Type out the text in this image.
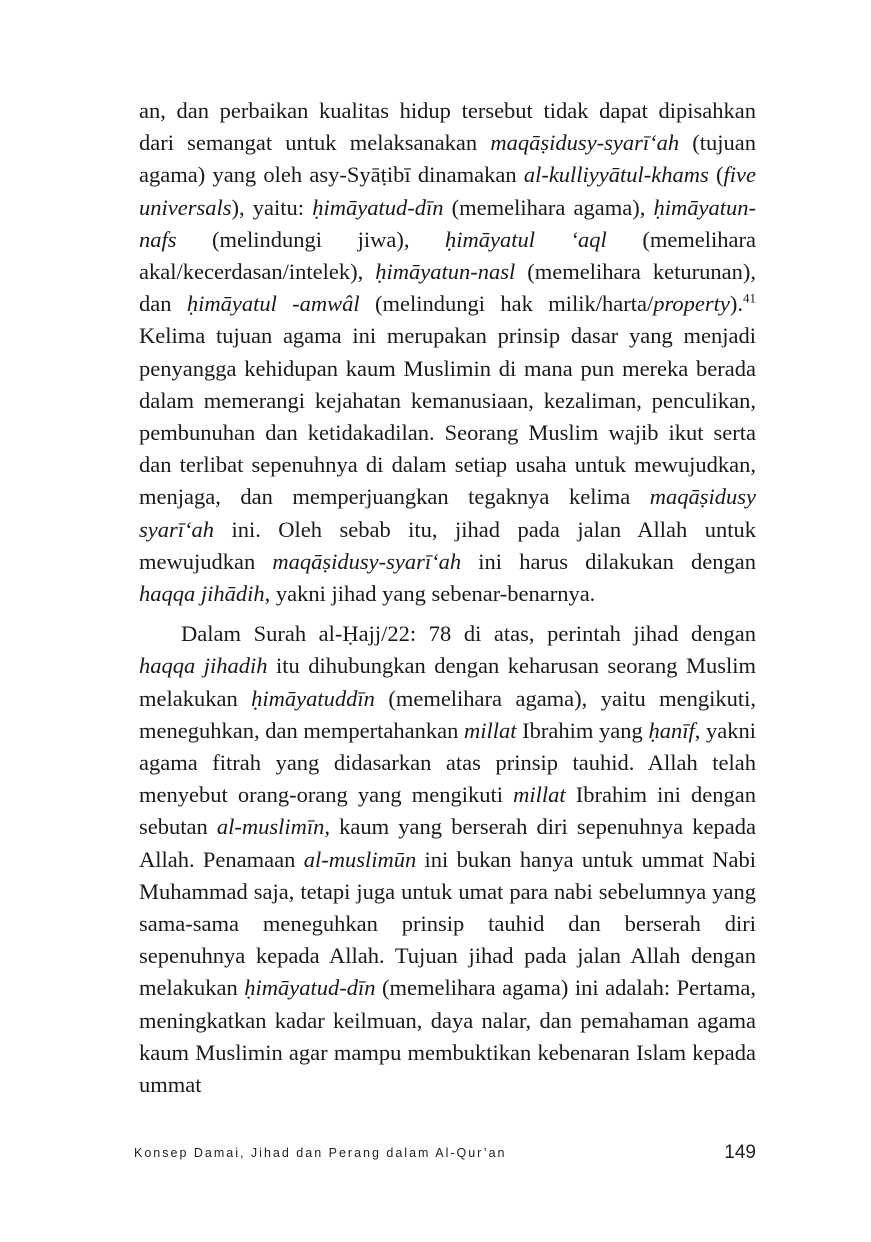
an, dan perbaikan kualitas hidup tersebut tidak dapat dipisahkan dari semangat untuk melaksanakan maqāṣidusy-syarī‘ah (tujuan agama) yang oleh asy-Syāṭibī dinamakan al-kulliyyātul-khams (five universals), yaitu: ḥimāyatud-dīn (memelihara agama), ḥimāyatun-nafs (melindungi jiwa), ḥimāyatul ‘aql (memelihara akal/kecerdasan/intelek), ḥimāyatun-nasl (memelihara keturunan), dan ḥimāyatul -amwâl (melindungi hak milik/harta/property).$^{41}$ Kelima tujuan agama ini merupakan prinsip dasar yang menjadi penyangga kehidupan kaum Muslimin di mana pun mereka berada dalam memerangi kejahatan kemanusiaan, kezaliman, penculikan, pembunuhan dan ketidakadilan. Seorang Muslim wajib ikut serta dan terlibat sepenuhnya di dalam setiap usaha untuk mewujudkan, menjaga, dan memperjuangkan tegaknya kelima maqāṣidusy syarī‘ah ini. Oleh sebab itu, jihad pada jalan Allah untuk mewujudkan maqāṣidusy-syarī‘ah ini harus dilakukan dengan haqqa jihādih, yakni jihad yang sebenar-benarnya.

Dalam Surah al-Ḥajj/22: 78 di atas, perintah jihad dengan haqqa jihadih itu dihubungkan dengan keharusan seorang Muslim melakukan ḥimāyatuddīn (memelihara agama), yaitu mengikuti, meneguhkan, dan mempertahankan millat Ibrahim yang ḥanīf, yakni agama fitrah yang didasarkan atas prinsip tauhid. Allah telah menyebut orang-orang yang mengikuti millat Ibrahim ini dengan sebutan al-muslimīn, kaum yang berserah diri sepenuhnya kepada Allah. Penamaan al-muslimūn ini bukan hanya untuk ummat Nabi Muhammad saja, tetapi juga untuk umat para nabi sebelumnya yang sama-sama meneguhkan prinsip tauhid dan berserah diri sepenuhnya kepada Allah. Tujuan jihad pada jalan Allah dengan melakukan ḥimāyatud-dīn (memelihara agama) ini adalah: Pertama, meningkatkan kadar keilmuan, daya nalar, dan pemahaman agama kaum Muslimin agar mampu membuktikan kebenaran Islam kepada ummat

Konsep Damai, Jihad dan Perang dalam Al-Qur’an	149
